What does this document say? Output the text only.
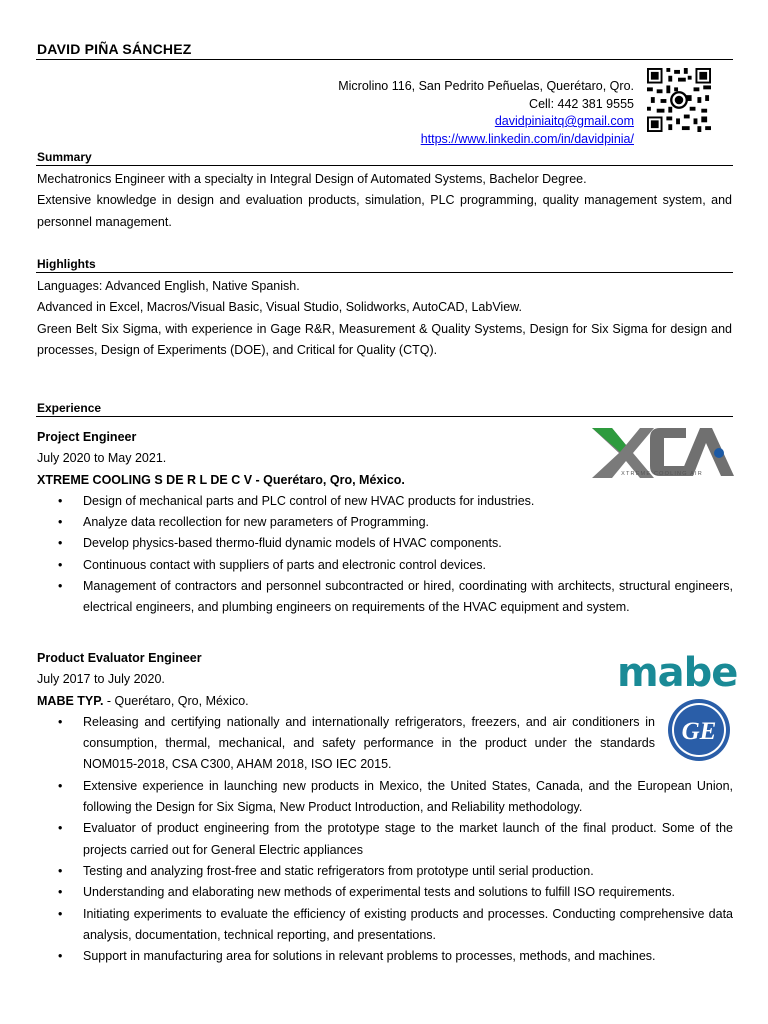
DAVID PIÑA SÁNCHEZ
Microlino 116, San Pedrito Peñuelas, Querétaro, Qro.
Cell: 442 381 9555
davidpiniaitq@gmail.com
https://www.linkedin.com/in/davidpinia/
Summary
Mechatronics Engineer with a specialty in Integral Design of Automated Systems, Bachelor Degree.
Extensive knowledge in design and evaluation products, simulation, PLC programming, quality management system, and personnel management.
Highlights
Languages: Advanced English, Native Spanish.
Advanced in Excel, Macros/Visual Basic, Visual Studio, Solidworks, AutoCAD, LabView.
Green Belt Six Sigma, with experience in Gage R&R, Measurement & Quality Systems, Design for Six Sigma for design and processes, Design of Experiments (DOE), and Critical for Quality (CTQ).
Experience
XTREME COOLING AIR
Project Engineer
July 2020 to May 2021.
XTREME COOLING S DE R L DE C V - Querétaro, Qro, México.
• Design of mechanical parts and PLC control of new HVAC products for industries.
• Analyze data recollection for new parameters of Programming.
• Develop physics-based thermo-fluid dynamic models of HVAC components.
• Continuous contact with suppliers of parts and electronic control devices.
• Management of contractors and personnel subcontracted or hired, coordinating with architects, structural engineers, electrical engineers, and plumbing engineers on requirements of the HVAC equipment and system.
mabe
GE
Product Evaluator Engineer
July 2017 to July 2020.
MABE TYP. - Querétaro, Qro, México.
• Releasing and certifying nationally and internationally refrigerators, freezers, and air conditioners in consumption, thermal, mechanical, and safety performance in the product under the standards NOM015-2018, CSA C300, AHAM 2018, ISO IEC 2015.
• Extensive experience in launching new products in Mexico, the United States, Canada, and the European Union, following the Design for Six Sigma, New Product Introduction, and Reliability methodology.
• Evaluator of product engineering from the prototype stage to the market launch of the final product. Some of the projects carried out for General Electric appliances
• Testing and analyzing frost-free and static refrigerators from prototype until serial production.
• Understanding and elaborating new methods of experimental tests and solutions to fulfill ISO requirements.
• Initiating experiments to evaluate the efficiency of existing products and processes. Conducting comprehensive data analysis, documentation, technical reporting, and presentations.
• Support in manufacturing area for solutions in relevant problems to processes, methods, and machines.
